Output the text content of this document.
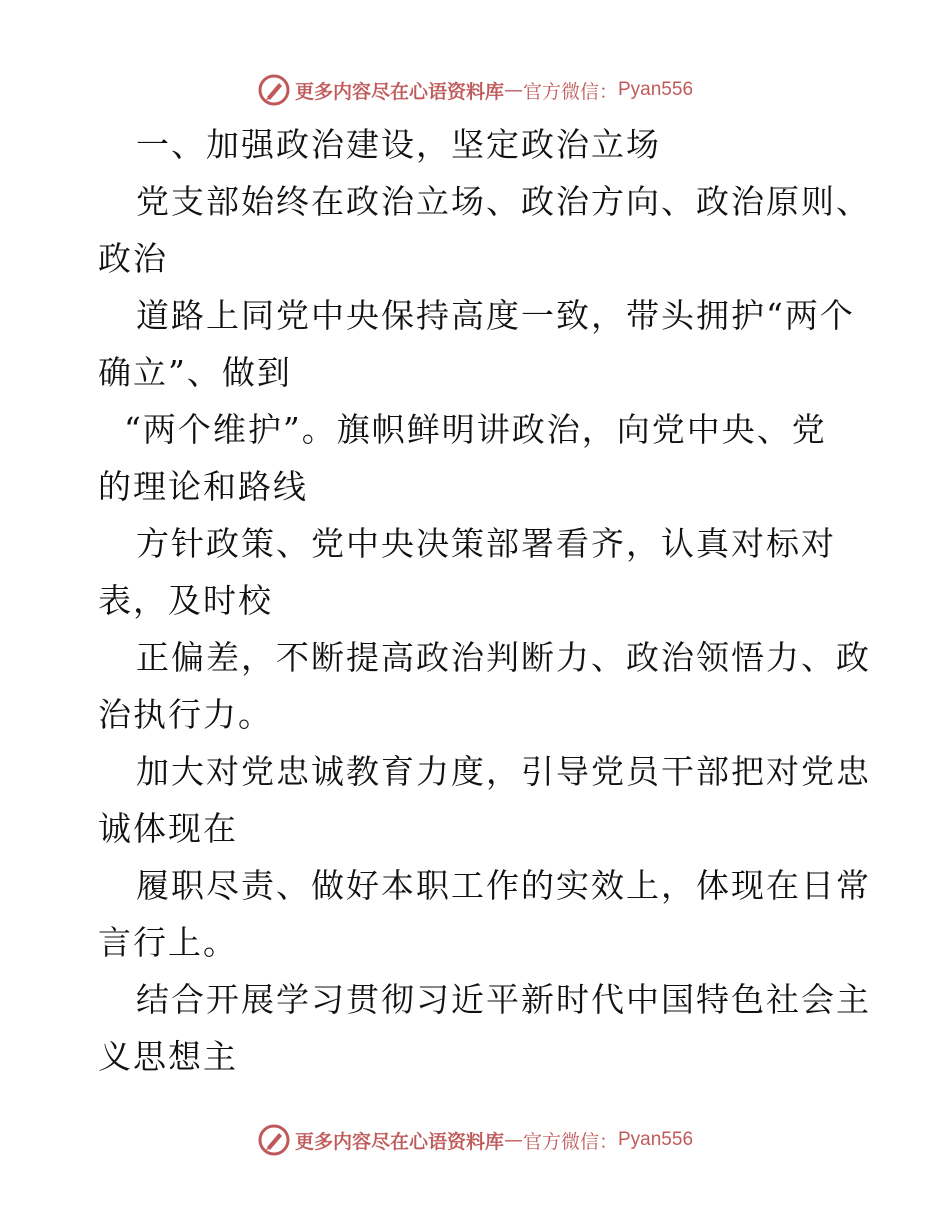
更多内容尽在心语资料库 — 官方微信： Pyan556
一、加强政治建设，坚定政治立场
党支部始终在政治立场、政治方向、政治原则、
政治
道路上同党中央保持高度一致，带头拥护“两个
确立”、做到
“两个维护”。旗帜鲜明讲政治，向党中央、党
的理论和路线
方针政策、党中央决策部署看齐，认真对标对
表，及时校
正偏差，不断提高政治判断力、政治领悟力、政
治执行力。
加大对党忠诚教育力度，引导党员干部把对党忠
诚体现在
履职尽责、做好本职工作的实效上，体现在日常
言行上。
结合开展学习贯彻习近平新时代中国特色社会主
义思想主
更多内容尽在心语资料库 — 官方微信： Pyan556
